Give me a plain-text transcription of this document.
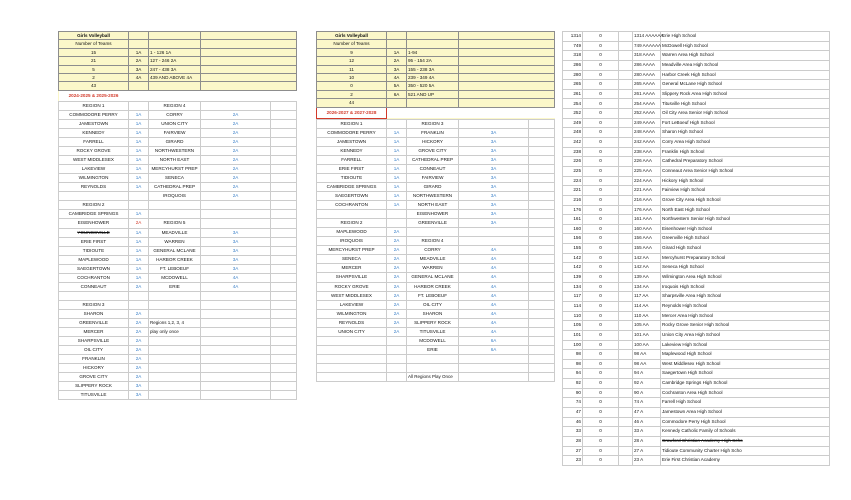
Girls Volleyball			
Number of Teams			
15	1A	1 - 126 1A	
21	2A	127 - 246 2A	
5	3A	247 - 438 3A	
2	4A	439 AND ABOVE 4A	
43			
2024-2025 & 2025-2026			
REGION 1		REGION 4		
COMMODORE PERRY	1A	CORRY	2A	
JAMESTOWN	1A	UNION CITY	2A	
KENNEDY	1A	FAIRVIEW	2A	
FARRELL	1A	GIRARD	2A	
ROCKY GROVE	1A	NORTHWESTERN	2A	
WEST MIDDLESEX	1A	NORTH EAST	2A	
LAKEVIEW	1A	MERCYHURST PREP	2A	
WILMINGTON	1A	SENECA	2A	
REYNOLDS	1A	CATHEDRAL PREP	2A	
		IROQUOIS	2A	
REGION 2				
CAMBRIDGE SPRINGS	1A			
EISENHOWER	2A	REGION 5		
YOUNGSVILLE	1A	MEADVILLE	3A	
ERIE FIRST	1A	WARREN	3A	
TIDIOUTE	1A	GENERAL MCLANE	3A	
MAPLEWOOD	1A	HARBOR CREEK	3A	
SAEGERTOWN	1A	FT. LEBOEUF	3A	
COCHRANTON	1A	MCDOWELL	4A	
CONNEAUT	2A	ERIE	4A	

REGION 3				
SHARON	2A			
GREENVILLE	2A	Regions 1,2, 3, 4		
MERCER	2A	play only once		
SHARPSVILLE	2A			
OIL CITY	2A			
FRANKLIN	2A			
HICKORY	2A			
GROVE CITY	2A			
SLIPPERY ROCK	3A			
TITUSVILLE	3A			
Girls Volleyball			
Number of Teams			
9	1A	1-94	
12	2A	95 - 154 2A	
11	3A	155 - 238 3A	
10	4A	239 - 349 4A	
0	5A	350 - 520 5A	
2	6A	521 AND UP	
44			
2026-2027 & 2027-2028			
REGION 1		REGION 3		
COMMODORE PERRY	1A	FRANKLIN	3A	
JAMESTOWN	1A	HICKORY	3A	
KENNEDY	1A	GROVE CITY	3A	
FARRELL	1A	CATHEDRAL PREP	3A	
ERIE FIRST	1A	CONNEAUT	3A	
TIDIOUTE	1A	FAIRVIEW	3A	
CAMBRIDGE SPRINGS	1A	GIRARD	3A	
SAEGERTOWN	1A	NORTHWESTERN	3A	
COCHRANTON	1A	NORTH EAST	3A	
		EISENHOWER	3A	
REGION 2		GREENVILLE	3A	
MAPLEWOOD	2A			
IROQUOIS	2A	REGION 4		
MERCYHURST PREP	2A	CORRY	4A	
SENECA	2A	MEADVILLE	4A	
MERCER	2A	WARREN	4A	
SHARPSVILLE	2A	GENERAL MCLANE	4A	
ROCKY GROVE	2A	HARBOR CREEK	4A	
WEST MIDDLESEX	2A	FT. LEBOEUF	4A	
LAKEVIEW	2A	OIL CITY	4A	
WILMINGTON	2A	SHARON	4A	
REYNOLDS	2A	SLIPPERY ROCK	4A	
UNION CITY	2A	TITUSVILLE	4A	
		MCDOWELL	6A	
		ERIE	6A	

		All Regions Play Once		
1314	0		1314 AAAAAA	Erie High School
749	0		749 AAAAAA	McDowell High School
318	0		318 AAAA	Warren Area High School
286	0		286 AAAA	Meadville Area High School
280	0		280 AAAA	Harbor Creek High School
265	0		265 AAAA	General McLane High School
261	0		261 AAAA	Slippery Rock Area High School
254	0		254 AAAA	Titusville High School
252	0		252 AAAA	Oil City Area Senior High School
249	0		249 AAAA	Fort LeBoeuf High School
248	0		248 AAAA	Sharon High School
242	0		242 AAAA	Corry Area High School
238	0		238 AAA	Franklin High School
226	0		226 AAA	Cathedral Preparatory School
225	0		225 AAA	Conneaut Area Senior High School
224	0		224 AAA	Hickory High School
221	0		221 AAA	Fairview High School
216	0		216 AAA	Grove City Area High School
176	0		176 AAA	North East High School
161	0		161 AAA	Northwestern Senior High School
160	0		160 AAA	Eisenhower High School
156	0		156 AAA	Greenville High School
155	0		155 AAA	Girard High School
142	0		142 AA	Mercyhurst Preparatory School
142	0		142 AA	Seneca High School
139	0		139 AA	Wilmington Area High School
134	0		134 AA	Iroquois High School
117	0		117 AA	Sharpsville Area High School
114	0		114 AA	Reynolds High School
110	0		110 AA	Mercer Area High School
105	0		105 AA	Rocky Grove Senior High School
101	0		101 AA	Union City Area High School
100	0		100 AA	Lakeview High School
98	0		98 AA	Maplewood High School
98	0		98 AA	West Middlesex High School
94	0		94 A	Saegertown High School
92	0		92 A	Cambridge Springs High School
90	0		90 A	Cochranton Area High School
74	0		74 A	Farrell High School
47	0		47 A	Jamestown Area High School
46	0		46 A	Commodore Perry High School
33	0		33 A	Kennedy Catholic Family of Schools
28	0		28 A	Crawford Christian Academy High Scho
27	0		27 A	Tidioute Community Charter High Scho
23	0		23 A	Erie First Christian Academy
